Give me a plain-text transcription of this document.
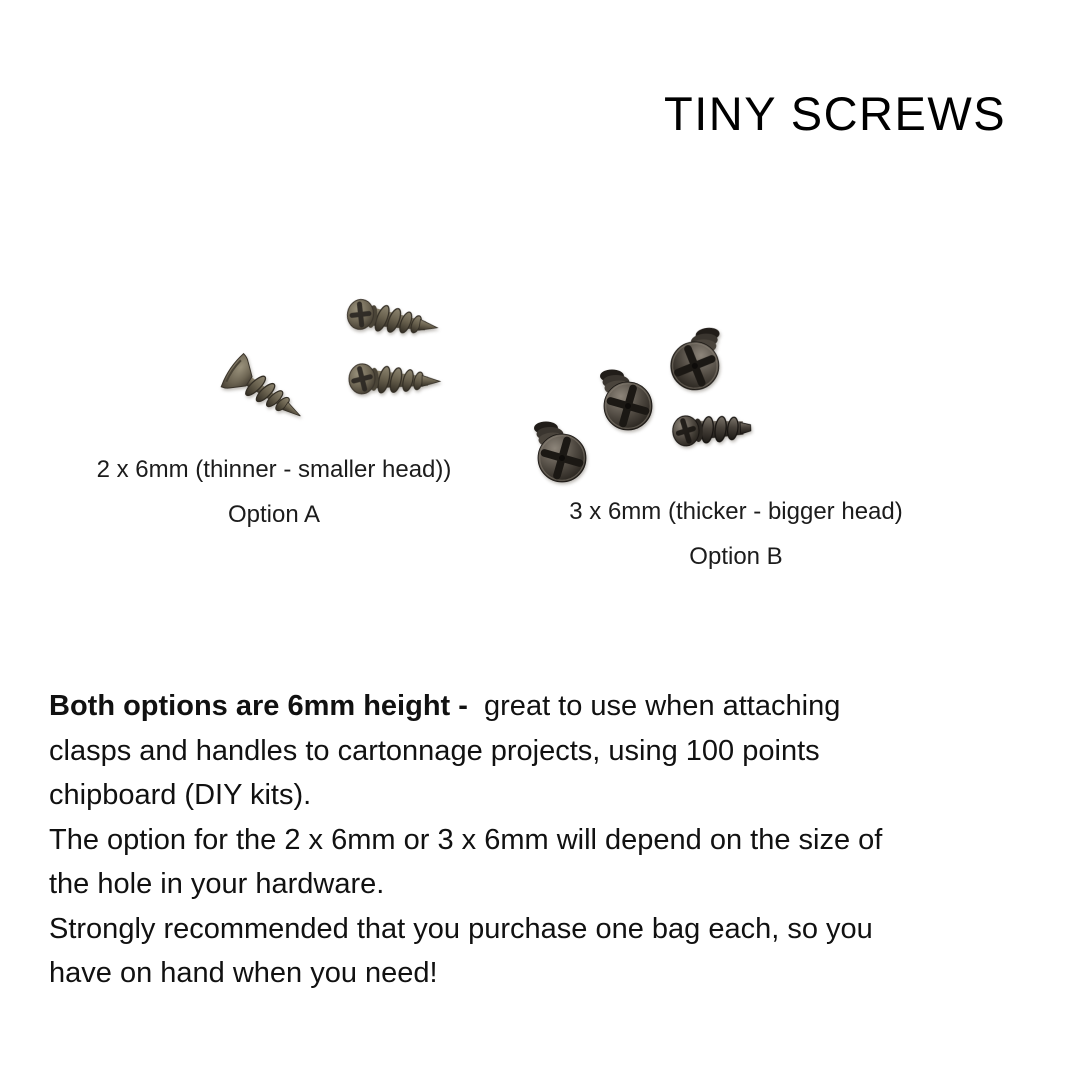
TINY SCREWS
2 x 6mm (thinner - smaller head))
Option A	3 x 6mm (thicker - bigger head)
Option B
Both options are 6mm height -  great to use when attaching
clasps and handles to cartonnage projects, using 100 points
chipboard (DIY kits).
The option for the 2 x 6mm or 3 x 6mm will depend on the size of
the hole in your hardware.
Strongly recommended that you purchase one bag each, so you
have on hand when you need!
